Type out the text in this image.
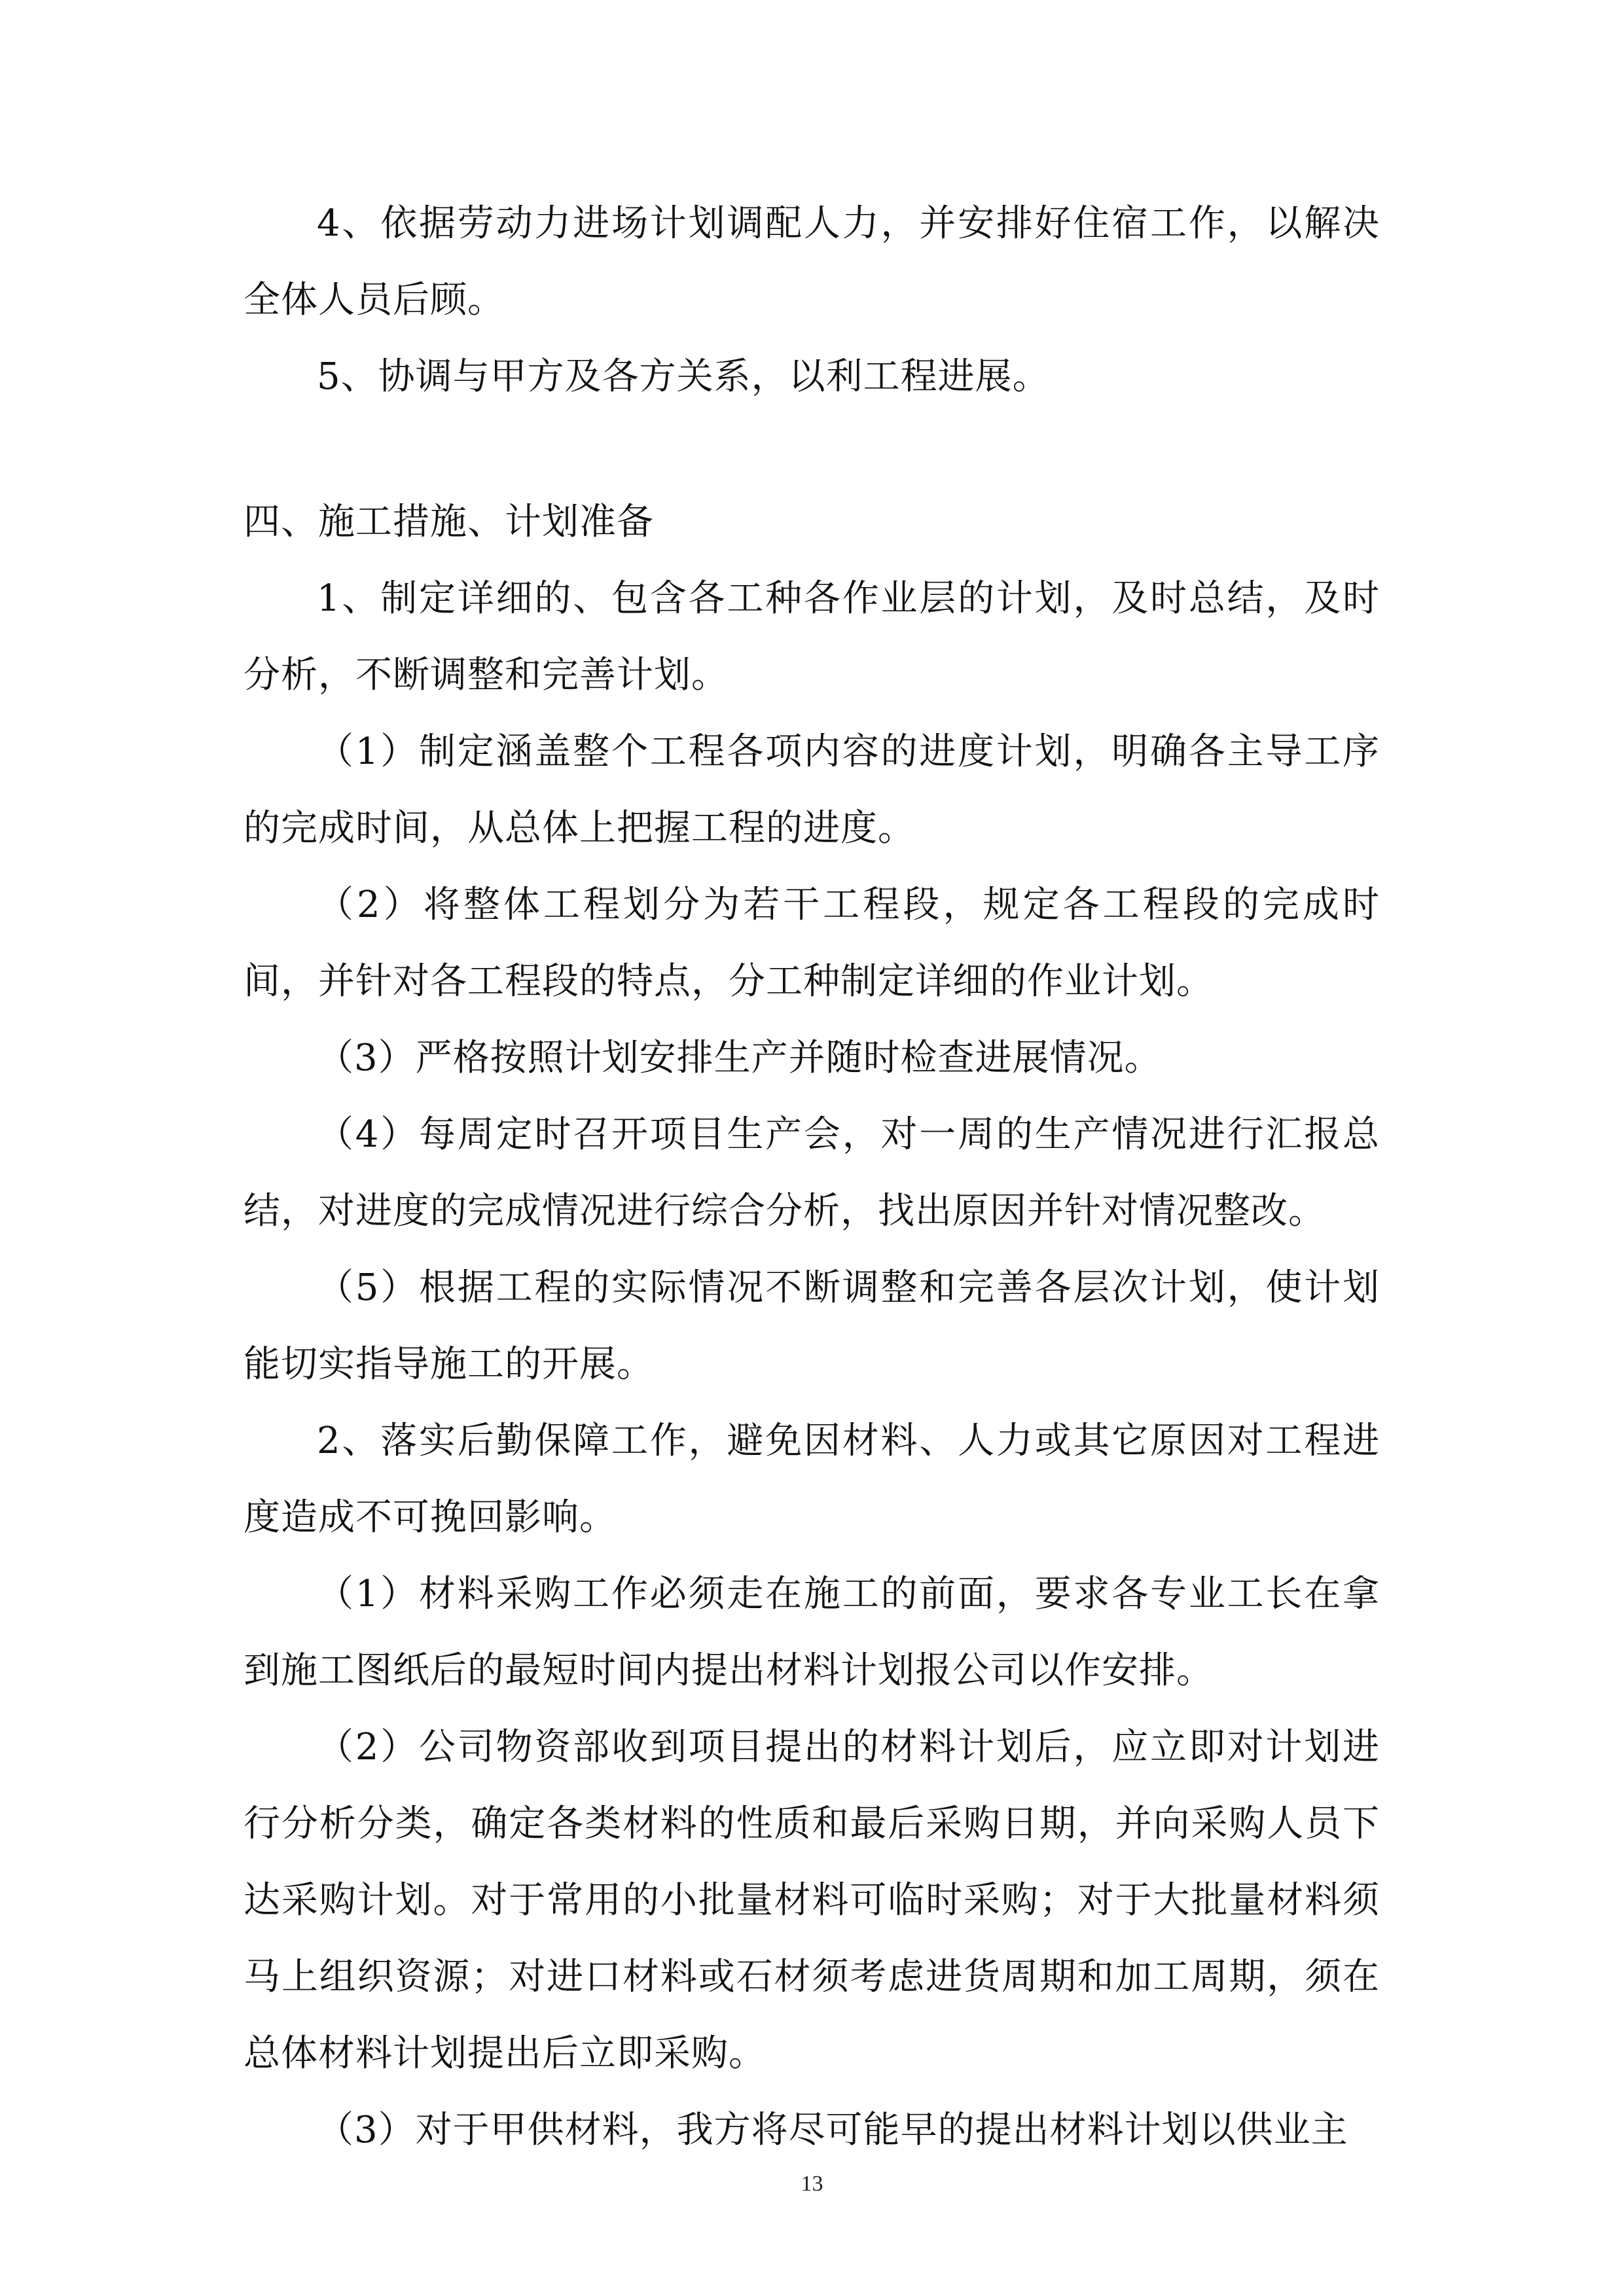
4、依据劳动力进场计划调配人力，并安排好住宿工作，以解决全体人员后顾。

5、协调与甲方及各方关系，以利工程进展。

四、施工措施、计划准备

1、制定详细的、包含各工种各作业层的计划，及时总结，及时分析，不断调整和完善计划。

（1）制定涵盖整个工程各项内容的进度计划，明确各主导工序的完成时间，从总体上把握工程的进度。

（2）将整体工程划分为若干工程段，规定各工程段的完成时间，并针对各工程段的特点，分工种制定详细的作业计划。

（3）严格按照计划安排生产并随时检查进展情况。

（4）每周定时召开项目生产会，对一周的生产情况进行汇报总结，对进度的完成情况进行综合分析，找出原因并针对情况整改。

（5）根据工程的实际情况不断调整和完善各层次计划，使计划能切实指导施工的开展。

2、落实后勤保障工作，避免因材料、人力或其它原因对工程进度造成不可挽回影响。

（1）材料采购工作必须走在施工的前面，要求各专业工长在拿到施工图纸后的最短时间内提出材料计划报公司以作安排。

（2）公司物资部收到项目提出的材料计划后，应立即对计划进行分析分类，确定各类材料的性质和最后采购日期，并向采购人员下达采购计划。对于常用的小批量材料可临时采购；对于大批量材料须马上组织资源；对进口材料或石材须考虑进货周期和加工周期，须在总体材料计划提出后立即采购。

（3）对于甲供材料，我方将尽可能早的提出材料计划以供业主

13
